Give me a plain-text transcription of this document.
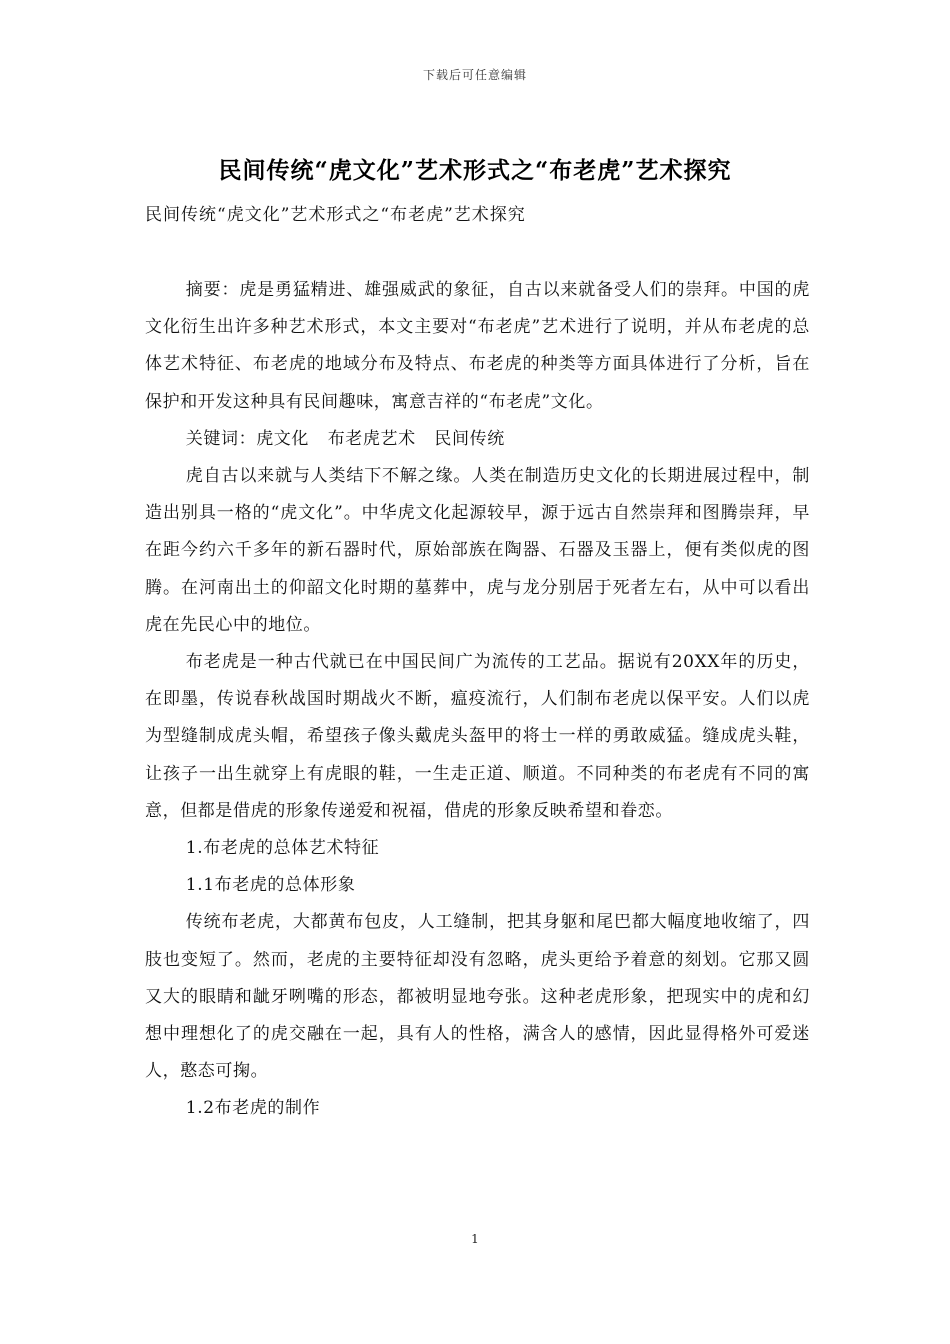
下载后可任意编辑
民间传统“虎文化”艺术形式之“布老虎”艺术探究
民间传统“虎文化”艺术形式之“布老虎”艺术探究

摘要：虎是勇猛精进、雄强威武的象征，自古以来就备受人们的崇拜。中国的虎文化衍生出许多种艺术形式，本文主要对“布老虎”艺术进行了说明，并从布老虎的总体艺术特征、布老虎的地域分布及特点、布老虎的种类等方面具体进行了分析，旨在保护和开发这种具有民间趣味，寓意吉祥的“布老虎”文化。

关键词：虎文化 布老虎艺术 民间传统

虎自古以来就与人类结下不解之缘。人类在制造历史文化的长期进展过程中，制造出别具一格的“虎文化”。中华虎文化起源较早，源于远古自然崇拜和图腾崇拜，早在距今约六千多年的新石器时代，原始部族在陶器、石器及玉器上，便有类似虎的图腾。在河南出土的仰韶文化时期的墓葬中，虎与龙分别居于死者左右，从中可以看出虎在先民心中的地位。

布老虎是一种古代就已在中国民间广为流传的工艺品。据说有20XX年的历史，在即墨，传说春秋战国时期战火不断，瘟疫流行，人们制布老虎以保平安。人们以虎为型缝制成虎头帽，希望孩子像头戴虎头盔甲的将士一样的勇敢威猛。缝成虎头鞋，让孩子一出生就穿上有虎眼的鞋，一生走正道、顺道。不同种类的布老虎有不同的寓意，但都是借虎的形象传递爱和祝福，借虎的形象反映希望和眷恋。

1.布老虎的总体艺术特征

1.1布老虎的总体形象

传统布老虎，大都黄布包皮，人工缝制，把其身躯和尾巴都大幅度地收缩了，四肢也变短了。然而，老虎的主要特征却没有忽略，虎头更给予着意的刻划。它那又圆又大的眼睛和龇牙咧嘴的形态，都被明显地夸张。这种老虎形象，把现实中的虎和幻想中理想化了的虎交融在一起，具有人的性格，满含人的感情，因此显得格外可爱迷人，憨态可掬。

1.2布老虎的制作

1
